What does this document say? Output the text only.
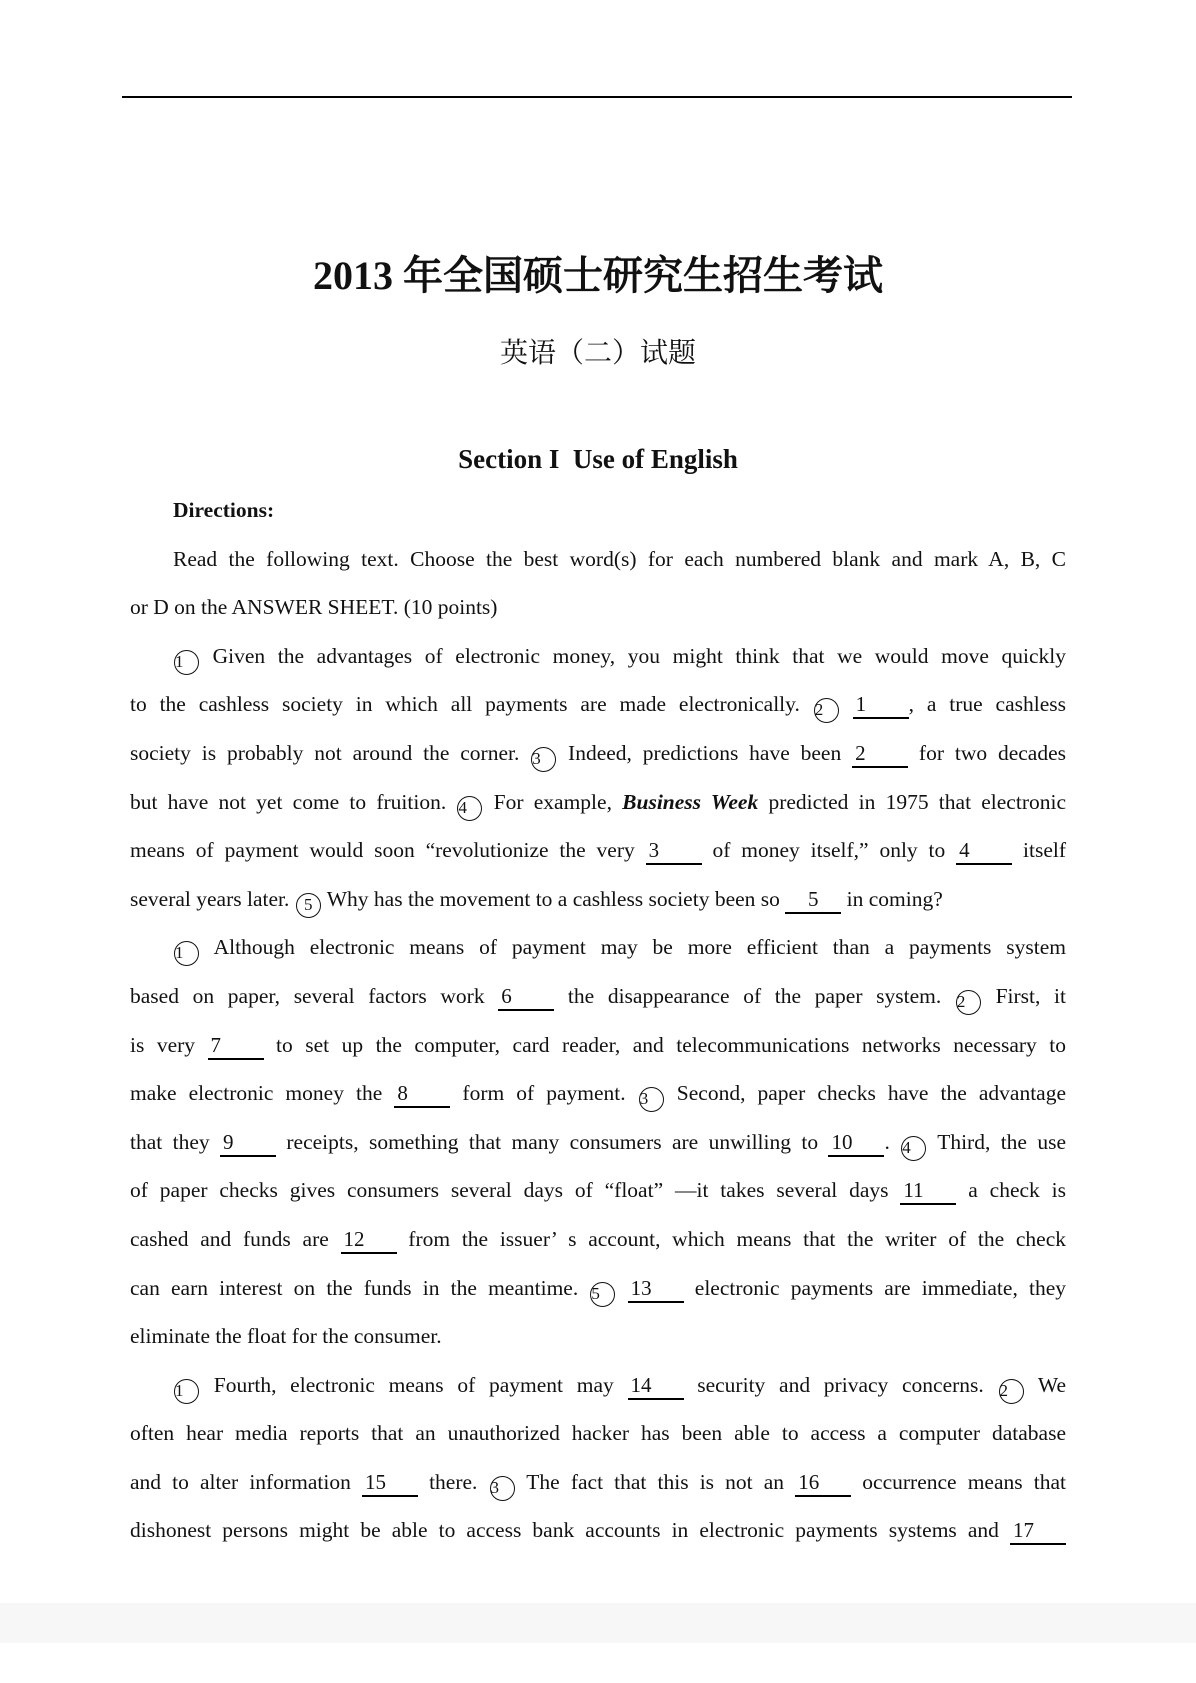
2013 年全国硕士研究生招生考试
英语（二）试题
Section I  Use of English
Directions:
Read the following text. Choose the best word(s) for each numbered blank and mark A, B, C
or D on the ANSWER SHEET. (10 points)
1 Given the advantages of electronic money, you might think that we would move quickly
to the cashless society in which all payments are made electronically. 2 1 , a true cashless
society is probably not around the corner. 3 Indeed, predictions have been 2 for two decades
but have not yet come to fruition. 4 For example, Business Week predicted in 1975 that electronic
means of payment would soon “revolutionize the very 3 of money itself,” only to 4 itself
several years later. 5 Why has the movement to a cashless society been so 5 in coming?
1 Although electronic means of payment may be more efficient than a payments system
based on paper, several factors work 6 the disappearance of the paper system. 2 First, it
is very 7 to set up the computer, card reader, and telecommunications networks necessary to
make electronic money the 8 form of payment. 3 Second, paper checks have the advantage
that they 9 receipts, something that many consumers are unwilling to 10 . 4 Third, the use
of paper checks gives consumers several days of “float” —it takes several days 11 a check is
cashed and funds are 12 from the issuer’ s account, which means that the writer of the check
can earn interest on the funds in the meantime. 5 13 electronic payments are immediate, they
eliminate the float for the consumer.
1 Fourth, electronic means of payment may 14 security and privacy concerns. 2 We
often hear media reports that an unauthorized hacker has been able to access a computer database
and to alter information 15 there. 3 The fact that this is not an 16 occurrence means that
dishonest persons might be able to access bank accounts in electronic payments systems and 17
